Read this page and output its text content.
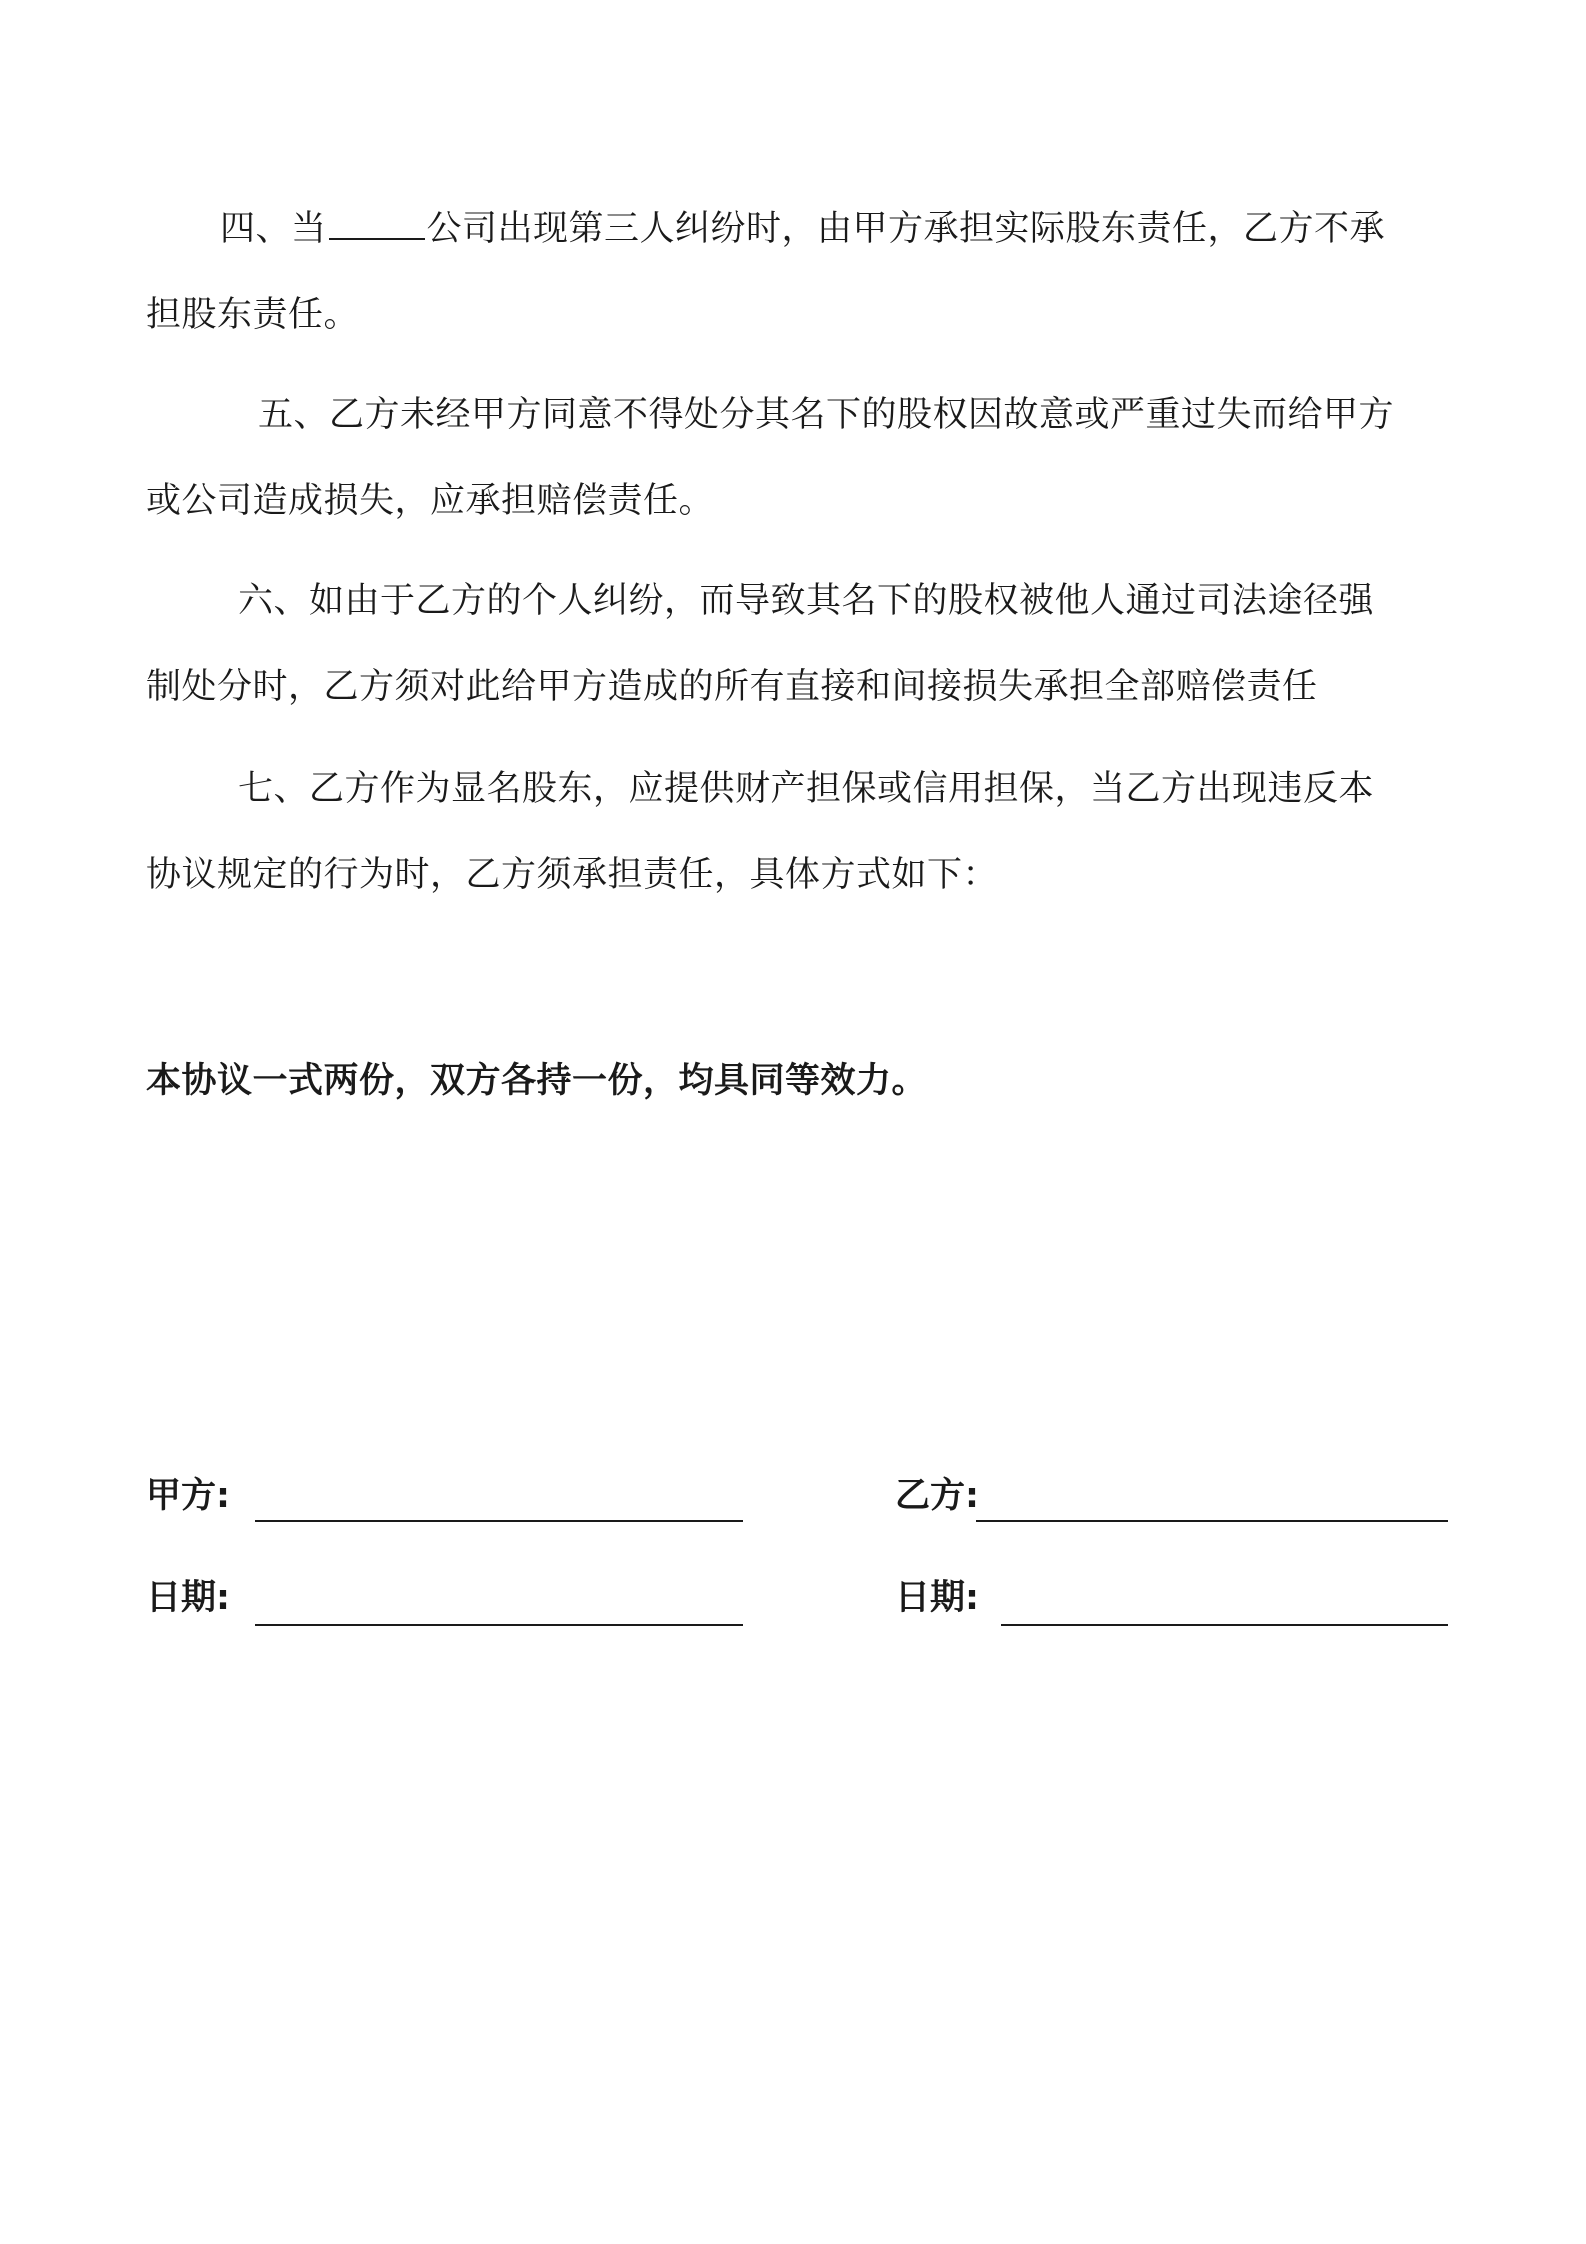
四、当	公司出现第三人纠纷时，由甲方承担实际股东责任，乙方不承
担股东责任。

五、乙方未经甲方同意不得处分其名下的股权因故意或严重过失而给甲方
或公司造成损失，应承担赔偿责任。

六、如由于乙方的个人纠纷，而导致其名下的股权被他人通过司法途径强
制处分时，乙方须对此给甲方造成的所有直接和间接损失承担全部赔偿责任

七、乙方作为显名股东，应提供财产担保或信用担保，当乙方出现违反本
协议规定的行为时，乙方须承担责任，具体方式如下：

本协议一式两份，双方各持一份，均具同等效力。

甲方:	乙方:
日期:	日期:
